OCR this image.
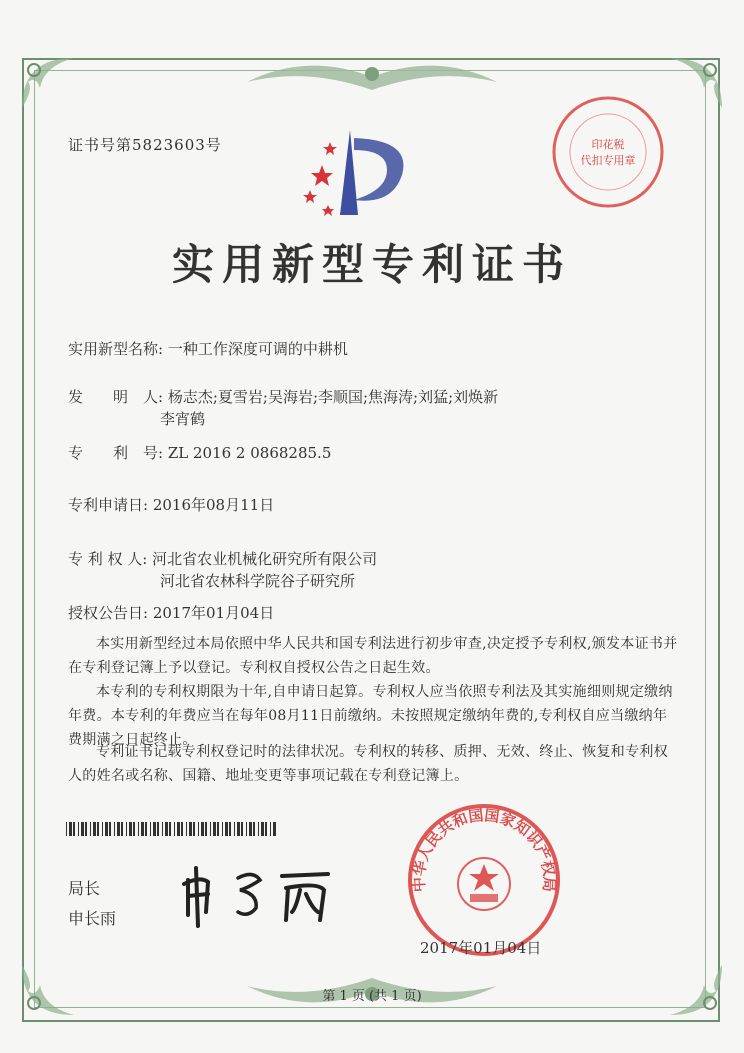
证书号第5823603号	印花税
代扣专用章
实用新型专利证书
实用新型名称: 一种工作深度可调的中耕机
发　　明　人: 杨志杰;夏雪岩;吴海岩;李顺国;焦海涛;刘猛;刘焕新
李宵鹤
专　　利　号: ZL 2016 2 0868285.5
专利申请日: 2016年08月11日
专 利 权 人: 河北省农业机械化研究所有限公司
河北省农林科学院谷子研究所
授权公告日: 2017年01月04日
本实用新型经过本局依照中华人民共和国专利法进行初步审查,决定授予专利权,颁发本证书并在专利登记簿上予以登记。专利权自授权公告之日起生效。
本专利的专利权期限为十年,自申请日起算。专利权人应当依照专利法及其实施细则规定缴纳年费。本专利的年费应当在每年08月11日前缴纳。未按照规定缴纳年费的,专利权自应当缴纳年费期满之日起终止。
专利证书记载专利权登记时的法律状况。专利权的转移、质押、无效、终止、恢复和专利权人的姓名或名称、国籍、地址变更等事项记载在专利登记簿上。
局长
申长雨
中华人民共和国国家知识产权局
2017年01月04日
第 1 页 (共 1 页)
